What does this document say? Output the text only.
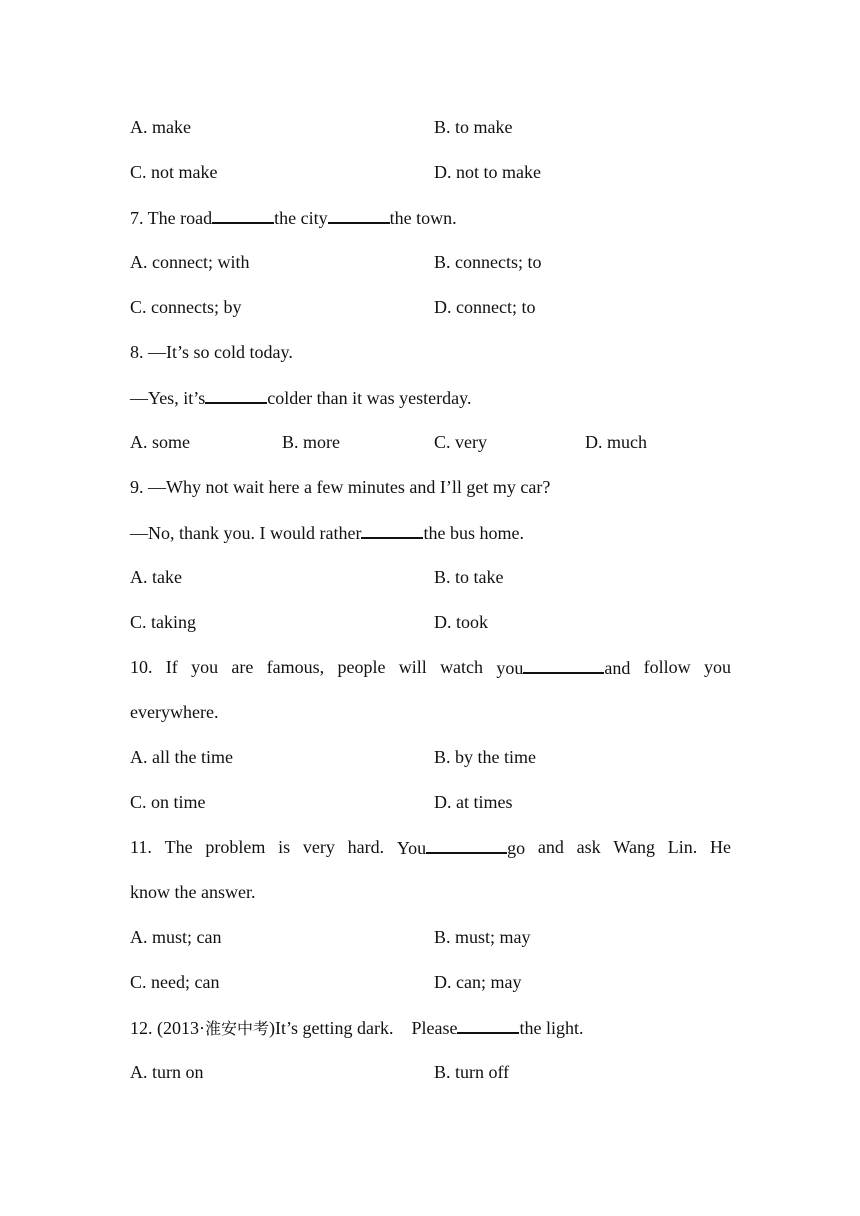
A. make	B. to make
C. not make	D. not to make
7. The road	the city	the town.
A. connect; with	B. connects; to
C. connects; by	D. connect; to
8. —It’s so cold today.
—Yes, it’s	colder than it was yesterday.
A. some	B. more	C. very	D. much
9. —Why not wait here a few minutes and I’ll get my car?
—No, thank you. I would rather	the bus home.
A. take	B. to take
C. taking	D. took
10. If you are famous, people will watch you	and follow you
everywhere.
A. all the time	B. by the time
C. on time	D. at times
11. The problem is very hard. You	go and ask Wang Lin. He
know the answer.
A. must; can	B. must; may
C. need; can	D. can; may
12. (2013·淮安中考)It’s getting dark.    Please	the light.
A. turn on	B. turn off
